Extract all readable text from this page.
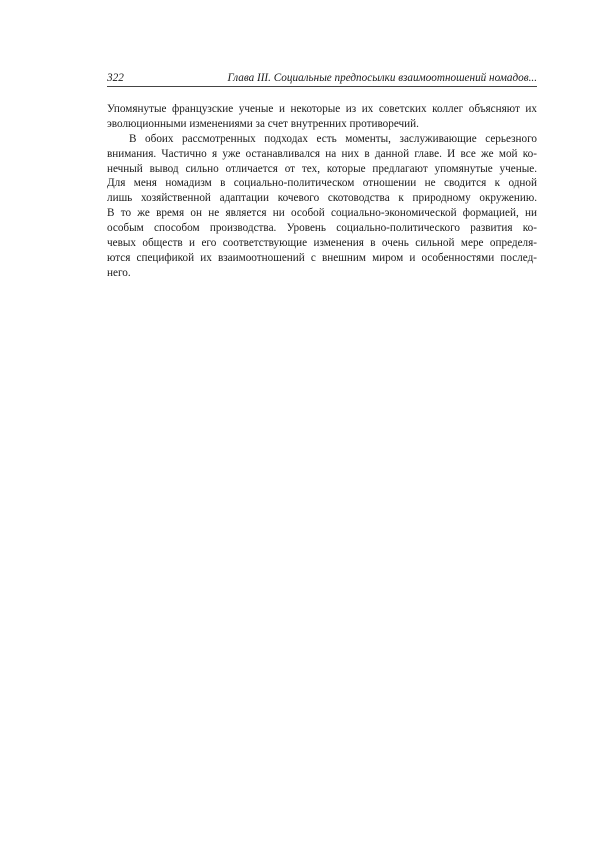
322	Глава III. Социальные предпосылки взаимоотношений номадов...
Упомянутые французские ученые и некоторые из их советских коллег объясняют их
эволюционными изменениями за счет внутренних противоречий.
В обоих рассмотренных подходах есть моменты, заслуживающие серьезного
внимания. Частично я уже останавливался на них в данной главе. И все же мой ко-
нечный вывод сильно отличается от тех, которые предлагают упомянутые ученые.
Для меня номадизм в социально-политическом отношении не сводится к одной
лишь хозяйственной адаптации кочевого скотоводства к природному окружению.
В то же время он не является ни особой социально-экономической формацией, ни
особым способом производства. Уровень социально-политического развития ко-
чевых обществ и его соответствующие изменения в очень сильной мере определя-
ются спецификой их взаимоотношений с внешним миром и особенностями послед-
него.
